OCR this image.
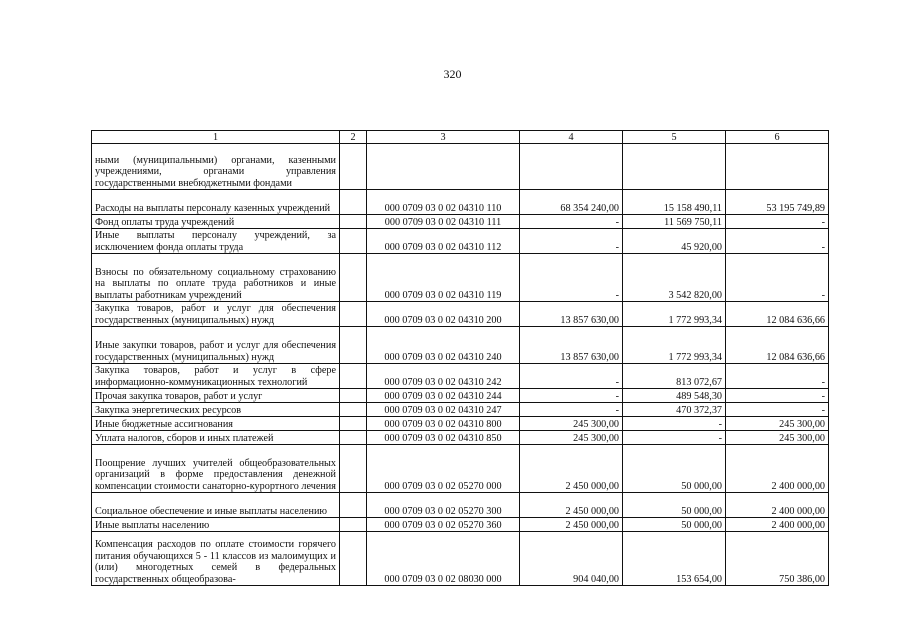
320
1	2	3	4	5	6
ными (муниципальными) органами, казенными учреждениями, органами управления государственными внебюджетными фондами					
Расходы на выплаты персоналу казенных учреждений		000 0709 03 0 02 04310 110	68 354 240,00	15 158 490,11	53 195 749,89
Фонд оплаты труда учреждений		000 0709 03 0 02 04310 111	-	11 569 750,11	-
Иные выплаты персоналу учреждений, за исключением фонда оплаты труда		000 0709 03 0 02 04310 112	-	45 920,00	-
Взносы по обязательному социальному страхованию на выплаты по оплате труда работников и иные выплаты работникам учреждений		000 0709 03 0 02 04310 119	-	3 542 820,00	-
Закупка товаров, работ и услуг для обеспечения государственных (муниципальных) нужд		000 0709 03 0 02 04310 200	13 857 630,00	1 772 993,34	12 084 636,66
Иные закупки товаров, работ и услуг для обеспечения государственных (муниципальных) нужд		000 0709 03 0 02 04310 240	13 857 630,00	1 772 993,34	12 084 636,66
Закупка товаров, работ и услуг в сфере информационно-коммуникационных технологий		000 0709 03 0 02 04310 242	-	813 072,67	-
Прочая закупка товаров, работ и услуг		000 0709 03 0 02 04310 244	-	489 548,30	-
Закупка энергетических ресурсов		000 0709 03 0 02 04310 247	-	470 372,37	-
Иные бюджетные ассигнования		000 0709 03 0 02 04310 800	245 300,00	-	245 300,00
Уплата налогов, сборов и иных платежей		000 0709 03 0 02 04310 850	245 300,00	-	245 300,00
Поощрение лучших учителей общеобразовательных организаций в форме предоставления денежной компенсации стоимости санаторно-курортного лечения		000 0709 03 0 02 05270 000	2 450 000,00	50 000,00	2 400 000,00
Социальное обеспечение и иные выплаты населению		000 0709 03 0 02 05270 300	2 450 000,00	50 000,00	2 400 000,00
Иные выплаты населению		000 0709 03 0 02 05270 360	2 450 000,00	50 000,00	2 400 000,00
Компенсация расходов по оплате стоимости горячего питания обучающихся 5 - 11 классов из малоимущих и (или) многодетных семей в федеральных государственных общеобразова-		000 0709 03 0 02 08030 000	904 040,00	153 654,00	750 386,00
